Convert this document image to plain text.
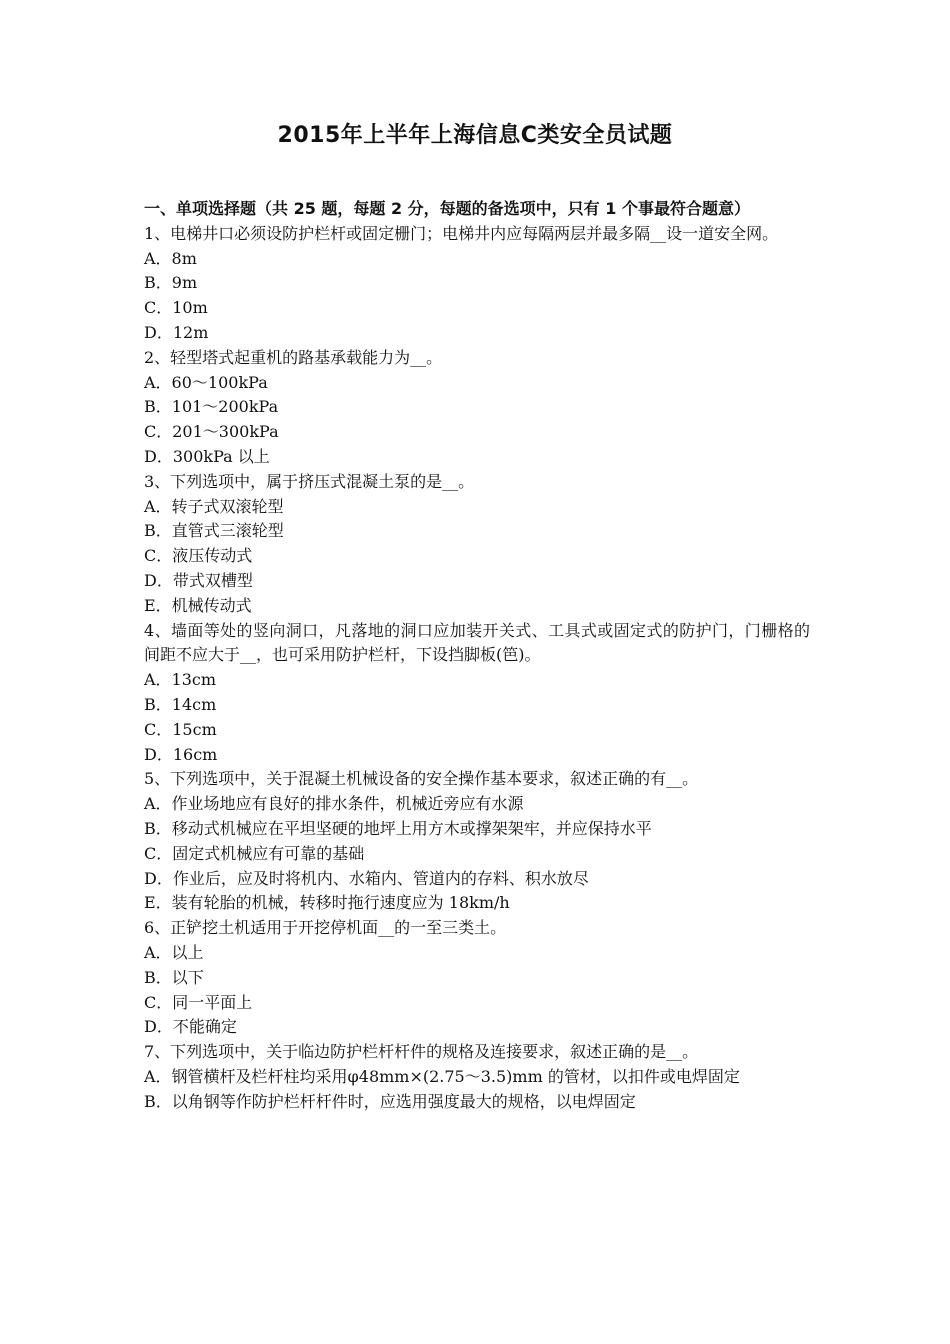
2015年上半年上海信息C类安全员试题

一、单项选择题（共 25 题，每题 2 分，每题的备选项中，只有 1 个事最符合题意）

1、电梯井口必须设防护栏杆或固定栅门；电梯井内应每隔两层并最多隔__设一道安全网。

A．8m
B．9m
C．10m
D．12m

2、轻型塔式起重机的路基承载能力为__。

A．60～100kPa
B．101～200kPa
C．201～300kPa
D．300kPa 以上

3、下列选项中，属于挤压式混凝土泵的是__。

A．转子式双滚轮型
B．直管式三滚轮型
C．液压传动式
D．带式双槽型
E．机械传动式

4、墙面等处的竖向洞口，凡落地的洞口应加装开关式、工具式或固定式的防护门，门栅格的间距不应大于__，也可采用防护栏杆，下设挡脚板(笆)。

A．13cm
B．14cm
C．15cm
D．16cm

5、下列选项中，关于混凝土机械设备的安全操作基本要求，叙述正确的有__。

A．作业场地应有良好的排水条件，机械近旁应有水源
B．移动式机械应在平坦坚硬的地坪上用方木或撑架架牢，并应保持水平
C．固定式机械应有可靠的基础
D．作业后，应及时将机内、水箱内、管道内的存料、积水放尽
E．装有轮胎的机械，转移时拖行速度应为 18km/h

6、正铲挖土机适用于开挖停机面__的一至三类土。

A．以上
B．以下
C．同一平面上
D．不能确定

7、下列选项中，关于临边防护栏杆杆件的规格及连接要求，叙述正确的是__。

A．钢管横杆及栏杆柱均采用φ48mm×(2.75～3.5)mm 的管材，以扣件或电焊固定
B．以角钢等作防护栏杆杆件时，应选用强度最大的规格，以电焊固定
